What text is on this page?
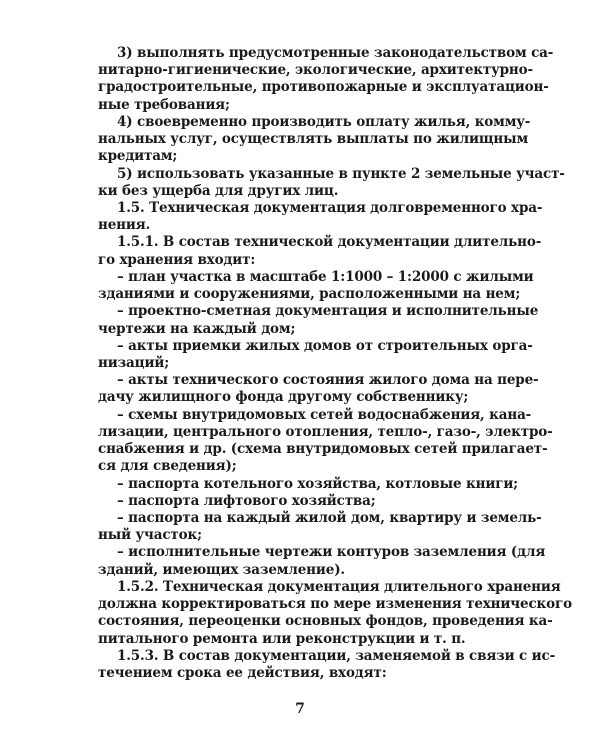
3) выполнять предусмотренные законодательством са-
нитарно-гигиенические, экологические, архитектурно-
градостроительные, противопожарные и эксплуатацион-
ные требования;
4) своевременно производить оплату жилья, комму-
нальных услуг, осуществлять выплаты по жилищным
кредитам;
5) использовать указанные в пункте 2 земельные участ-
ки без ущерба для других лиц.
1.5. Техническая документация долговременного хра-
нения.
1.5.1. В состав технической документации длительно-
го хранения входит:
– план участка в масштабе 1:1000 – 1:2000 с жилыми
зданиями и сооружениями, расположенными на нем;
– проектно-сметная документация и исполнительные
чертежи на каждый дом;
– акты приемки жилых домов от строительных орга-
низаций;
– акты технического состояния жилого дома на пере-
дачу жилищного фонда другому собственнику;
– схемы внутридомовых сетей водоснабжения, кана-
лизации, центрального отопления, тепло-, газо-, электро-
снабжения и др. (схема внутридомовых сетей прилагает-
ся для сведения);
– паспорта котельного хозяйства, котловые книги;
– паспорта лифтового хозяйства;
– паспорта на каждый жилой дом, квартиру и земель-
ный участок;
– исполнительные чертежи контуров заземления (для
зданий, имеющих заземление).
1.5.2. Техническая документация длительного хранения
должна корректироваться по мере изменения технического
состояния, переоценки основных фондов, проведения ка-
питального ремонта или реконструкции и т. п.
1.5.3. В состав документации, заменяемой в связи с ис-
течением срока ее действия, входят:
7
